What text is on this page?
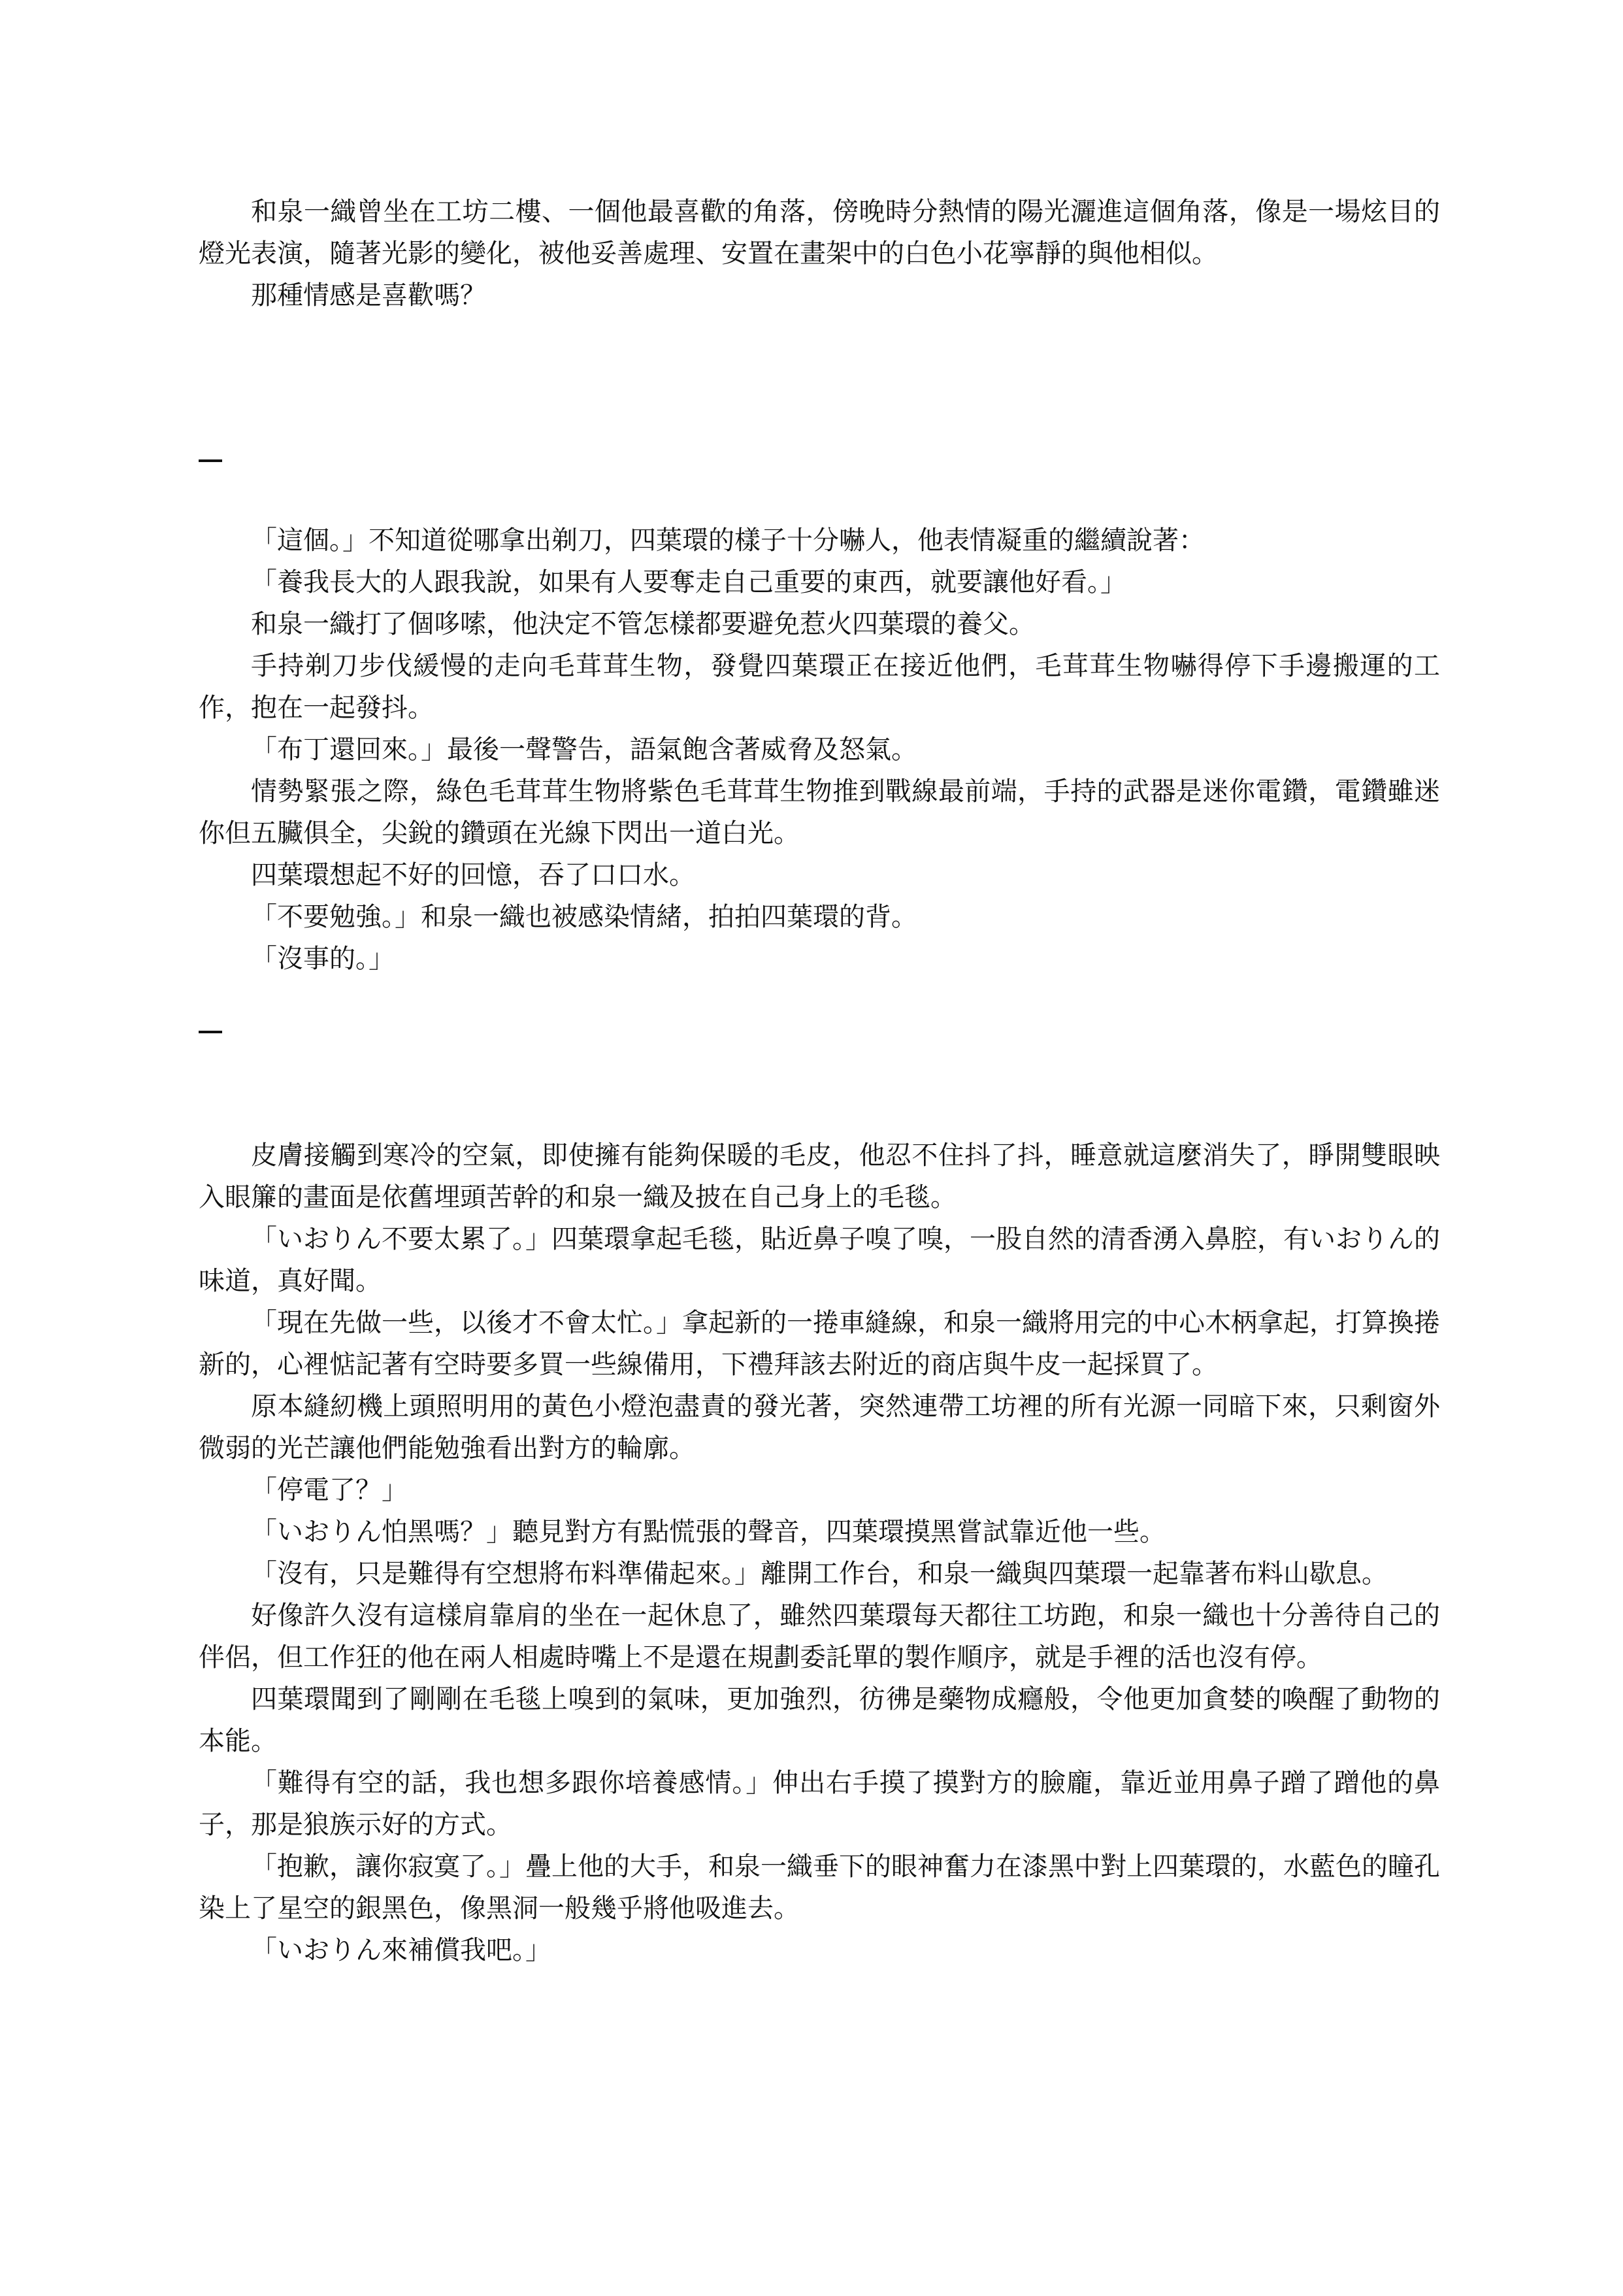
和泉一織曾坐在工坊二樓、一個他最喜歡的角落，傍晚時分熱情的陽光灑進這個角落，像是一場炫目的燈光表演，隨著光影的變化，被他妥善處理、安置在畫架中的白色小花寧靜的與他相似。

那種情感是喜歡嗎？

「這個。」不知道從哪拿出剃刀，四葉環的樣子十分嚇人，他表情凝重的繼續說著：

「養我長大的人跟我說，如果有人要奪走自己重要的東西，就要讓他好看。」

和泉一織打了個哆嗦，他決定不管怎樣都要避免惹火四葉環的養父。

手持剃刀步伐緩慢的走向毛茸茸生物，發覺四葉環正在接近他們，毛茸茸生物嚇得停下手邊搬運的工作，抱在一起發抖。

「布丁還回來。」最後一聲警告，語氣飽含著威脅及怒氣。

情勢緊張之際，綠色毛茸茸生物將紫色毛茸茸生物推到戰線最前端，手持的武器是迷你電鑽，電鑽雖迷你但五臟俱全，尖銳的鑽頭在光線下閃出一道白光。

四葉環想起不好的回憶，吞了口口水。

「不要勉強。」和泉一織也被感染情緒，拍拍四葉環的背。

「沒事的。」

皮膚接觸到寒冷的空氣，即使擁有能夠保暖的毛皮，他忍不住抖了抖，睡意就這麼消失了，睜開雙眼映入眼簾的畫面是依舊埋頭苦幹的和泉一織及披在自己身上的毛毯。

「いおりん不要太累了。」四葉環拿起毛毯，貼近鼻子嗅了嗅，一股自然的清香湧入鼻腔，有いおりん的味道，真好聞。

「現在先做一些，以後才不會太忙。」拿起新的一捲車縫線，和泉一織將用完的中心木柄拿起，打算換捲新的，心裡惦記著有空時要多買一些線備用，下禮拜該去附近的商店與牛皮一起採買了。

原本縫紉機上頭照明用的黃色小燈泡盡責的發光著，突然連帶工坊裡的所有光源一同暗下來，只剩窗外微弱的光芒讓他們能勉強看出對方的輪廓。

「停電了？」

「いおりん怕黑嗎？」聽見對方有點慌張的聲音，四葉環摸黑嘗試靠近他一些。

「沒有，只是難得有空想將布料準備起來。」離開工作台，和泉一織與四葉環一起靠著布料山歇息。

好像許久沒有這樣肩靠肩的坐在一起休息了，雖然四葉環每天都往工坊跑，和泉一織也十分善待自己的伴侶，但工作狂的他在兩人相處時嘴上不是還在規劃委託單的製作順序，就是手裡的活也沒有停。

四葉環聞到了剛剛在毛毯上嗅到的氣味，更加強烈，彷彿是藥物成癮般，令他更加貪婪的喚醒了動物的本能。

「難得有空的話，我也想多跟你培養感情。」伸出右手摸了摸對方的臉龐，靠近並用鼻子蹭了蹭他的鼻子，那是狼族示好的方式。

「抱歉，讓你寂寞了。」疊上他的大手，和泉一織垂下的眼神奮力在漆黑中對上四葉環的，水藍色的瞳孔染上了星空的銀黑色，像黑洞一般幾乎將他吸進去。

「いおりん來補償我吧。」
